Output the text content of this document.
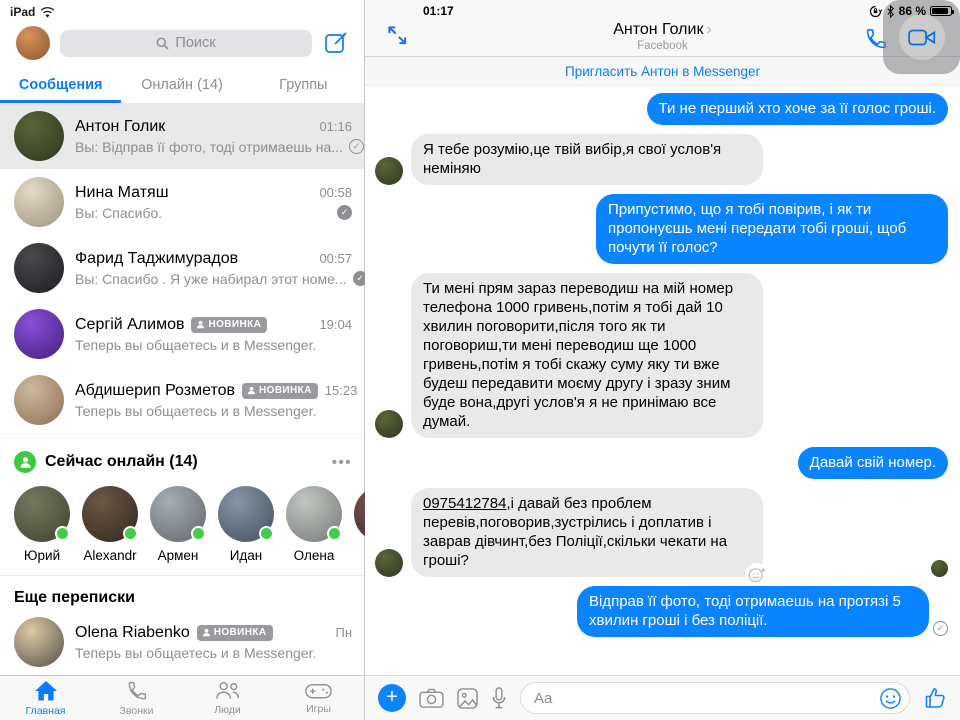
iPad
Поиск
Сообщения	Онлайн (14)	Группы
Антон Голик	01:16
Вы: Відправ її фото, тоді отримаешь на...	✓
Нина Матяш	00:58
Вы: Спасибо.	✓
Фарид Таджимурадов	00:57
Вы: Спасибо . Я уже набирал этот номе...	✓
Сергій Алимов	НОВИНКА	19:04
Теперь вы общаетесь и в Messenger.
Абдишерип Розметов	НОВИНКА	15:23
Теперь вы общаетесь и в Messenger.
Сейчас онлайн (14)	•••
Юрий	Alexandr	Армен	Идан	Олена
Еще переписки
Olena Riabenko	НОВИНКА	Пн
Теперь вы общаетесь и в Messenger.
Главная	Звонки	Люди	Игры
01:17	86 %
Антон Голик ›
Facebook
Пригласить Антон в Messenger
Ти не перший хто хоче за її голос гроші.
Я тебе розумію,це твій вибір,я свої услов'я неміняю
Припустимо, що я тобі повірив, і як ти пропонуєшь мені передати тобі гроші, щоб почути її голос?
Ти мені прям зараз переводиш на мій номер телефона 1000 гривень,потім я тобі дай 10 хвилин поговорити,після того як ти поговориш,ти мені переводиш ще 1000 гривень,потім я тобі скажу суму яку ти вже будеш передавити моєму другу і зразу зним буде вона,другі услов'я я не принімаю все думай.
Давай свій номер.
0975412784,і давай без проблем перевів,поговорив,зустрілись і доплатив і заврав дівчинт,без Поліції,скільки чекати на гроші?
Відправ її фото, тоді отримаешь на протязі 5 хвилин гроші і без поліції.	✓
+	Aa
